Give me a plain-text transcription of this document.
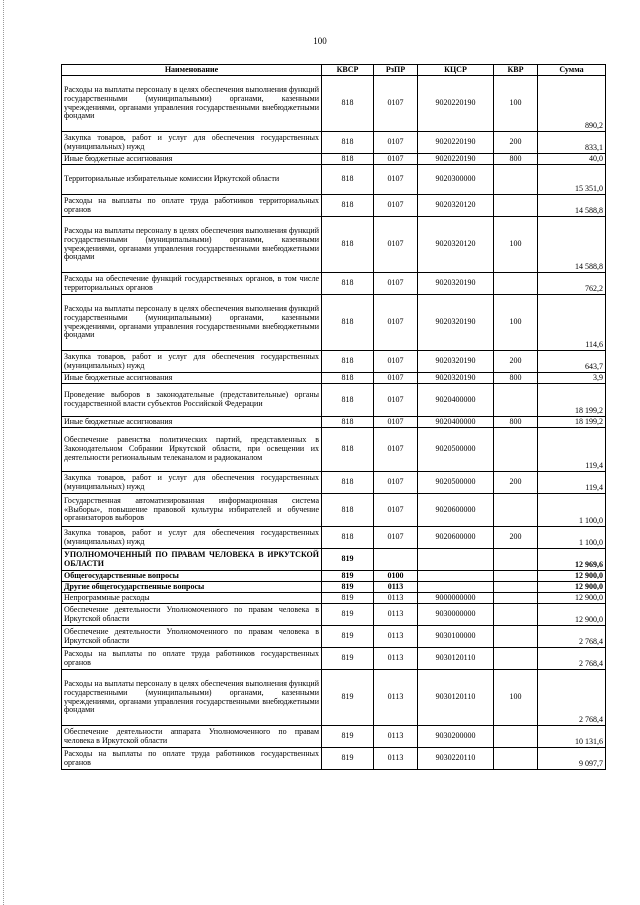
100
Наименование	КВСР	РзПР	КЦСР	КВР	Сумма
Расходы на выплаты персоналу в целях обеспечения выполнения функций государственными (муниципальными) органами, казенными учреждениями, органами управления государственными внебюджетными фондами	818	0107	9020220190	100	890,2
Закупка товаров, работ и услуг для обеспечения государственных (муниципальных) нужд	818	0107	9020220190	200	833,1
Иные бюджетные ассигнования	818	0107	9020220190	800	40,0
Территориальные избирательные комиссии Иркутской области	818	0107	9020300000		15 351,0
Расходы на выплаты по оплате труда работников территориальных органов	818	0107	9020320120		14 588,8
Расходы на выплаты персоналу в целях обеспечения выполнения функций государственными (муниципальными) органами, казенными учреждениями, органами управления государственными внебюджетными фондами	818	0107	9020320120	100	14 588,8
Расходы на обеспечение функций государственных органов, в том числе территориальных органов	818	0107	9020320190		762,2
Расходы на выплаты персоналу в целях обеспечения выполнения функций государственными (муниципальными) органами, казенными учреждениями, органами управления государственными внебюджетными фондами	818	0107	9020320190	100	114,6
Закупка товаров, работ и услуг для обеспечения государственных (муниципальных) нужд	818	0107	9020320190	200	643,7
Иные бюджетные ассигнования	818	0107	9020320190	800	3,9
Проведение выборов в законодательные (представительные) органы государственной власти субъектов Российской Федерации	818	0107	9020400000		18 199,2
Иные бюджетные ассигнования	818	0107	9020400000	800	18 199,2
Обеспечение равенства политических партий, представленных в Законодательном Собрании Иркутской области, при освещении их деятельности региональным телеканалом и радиоканалом	818	0107	9020500000		119,4
Закупка товаров, работ и услуг для обеспечения государственных (муниципальных) нужд	818	0107	9020500000	200	119,4
Государственная автоматизированная информационная система «Выборы», повышение правовой культуры избирателей и обучение организаторов выборов	818	0107	9020600000		1 100,0
Закупка товаров, работ и услуг для обеспечения государственных (муниципальных) нужд	818	0107	9020600000	200	1 100,0
УПОЛНОМОЧЕННЫЙ ПО ПРАВАМ ЧЕЛОВЕКА В ИРКУТСКОЙ ОБЛАСТИ	819				12 969,6
Общегосударственные вопросы	819	0100			12 900,0
Другие общегосударственные вопросы	819	0113			12 900,0
Непрограммные расходы	819	0113	9000000000		12 900,0
Обеспечение деятельности Уполномоченного по правам человека в Иркутской области	819	0113	9030000000		12 900,0
Обеспечение деятельности Уполномоченного по правам человека в Иркутской области	819	0113	9030100000		2 768,4
Расходы на выплаты по оплате труда работников государственных органов	819	0113	9030120110		2 768,4
Расходы на выплаты персоналу в целях обеспечения выполнения функций государственными (муниципальными) органами, казенными учреждениями, органами управления государственными внебюджетными фондами	819	0113	9030120110	100	2 768,4
Обеспечение деятельности аппарата Уполномоченного по правам человека в Иркутской области	819	0113	9030200000		10 131,6
Расходы на выплаты по оплате труда работников государственных органов	819	0113	9030220110		9 097,7
